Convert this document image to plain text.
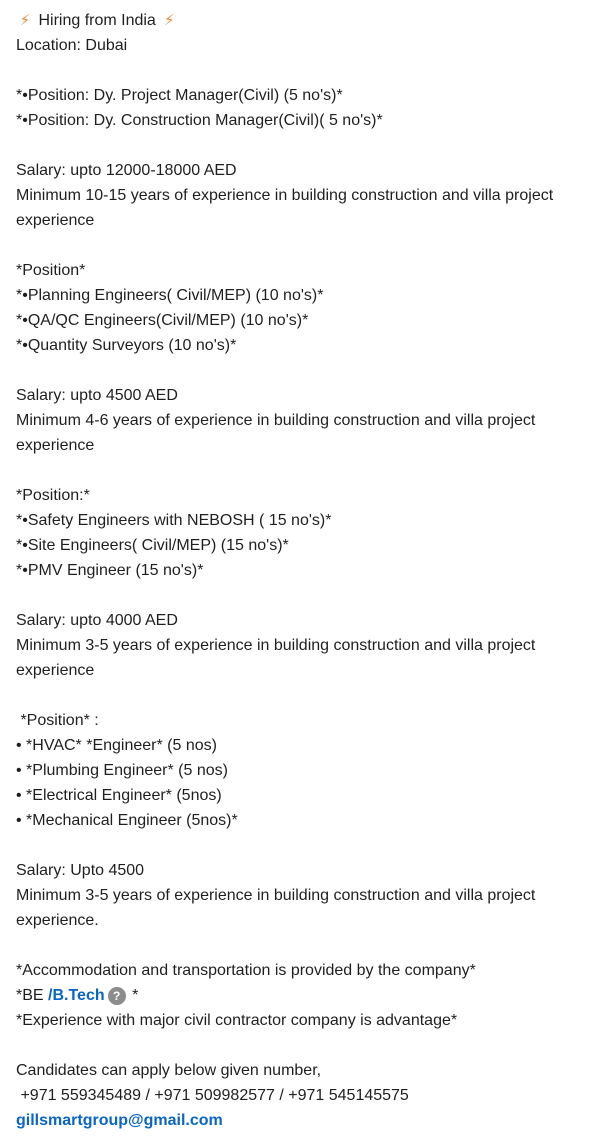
⚡ Hiring from India ⚡
Location: Dubai
*•Position: Dy. Project Manager(Civil) (5 no's)*
*•Position: Dy. Construction Manager(Civil)( 5 no's)*
Salary: upto 12000-18000 AED
Minimum 10-15 years of experience in building construction and villa project experience
*Position*
*•Planning Engineers( Civil/MEP) (10 no's)*
*•QA/QC Engineers(Civil/MEP) (10 no's)*
*•Quantity Surveyors (10 no's)*
Salary: upto 4500 AED
Minimum 4-6 years of experience in building construction and villa project experience
*Position:*
*•Safety Engineers with NEBOSH ( 15 no's)*
*•Site Engineers( Civil/MEP) (15 no's)*
*•PMV Engineer (15 no's)*
Salary: upto 4000 AED
Minimum 3-5 years of experience in building construction and villa project experience
*Position* :
• *HVAC* *Engineer* (5 nos)
• *Plumbing Engineer* (5 nos)
• *Electrical Engineer* (5nos)
• *Mechanical Engineer (5nos)*
Salary: Upto 4500
Minimum 3-5 years of experience in building construction and villa project experience.
*Accommodation and transportation is provided by the company*
*BE /B.Tech ? *
*Experience with major civil contractor company is advantage*
Candidates can apply below given number,
+971 559345489 / +971 509982577 / +971 545145575
gillsmartgroup@gmail.com
